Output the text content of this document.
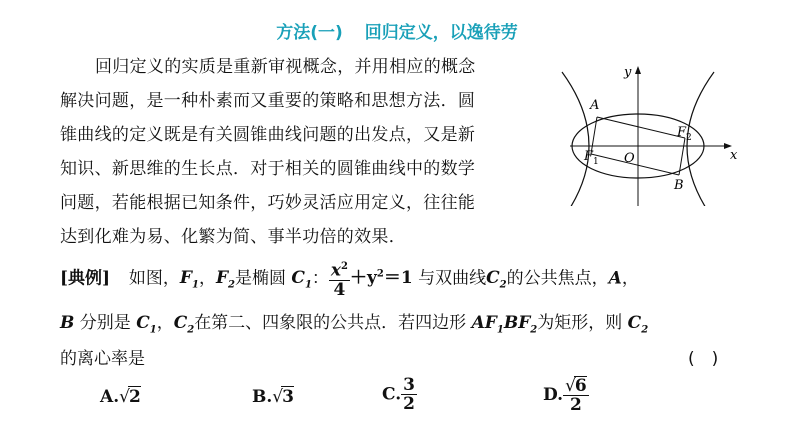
方法(一) 回归定义，以逸待劳
回归定义的实质是重新审视概念，并用相应的概念
解决问题，是一种朴素而又重要的策略和思想方法．圆
锥曲线的定义既是有关圆锥曲线问题的出发点，又是新
知识、新思维的生长点．对于相关的圆锥曲线中的数学
问题，若能根据已知条件，巧妙灵活应用定义，往往能
达到化难为易、化繁为简、事半功倍的效果．
y
x
A
B
O
$F_1$
$F_2$
[典例] 如图，$F_1$，$F_2$是椭圆 $C_1$： $\frac{x^2}{4} +y^2=1$ 与双曲线$C_2$的公共焦点，A，
B 分别是 $C_1$，$C_2$在第二、四象限的公共点．若四边形 $AF_1BF_2$为矩形，则 $C_2$
的离心率是	(　)
A.√2	B.√3	C. $\frac{3}{2}$	D. $\frac{√6}{2}$
